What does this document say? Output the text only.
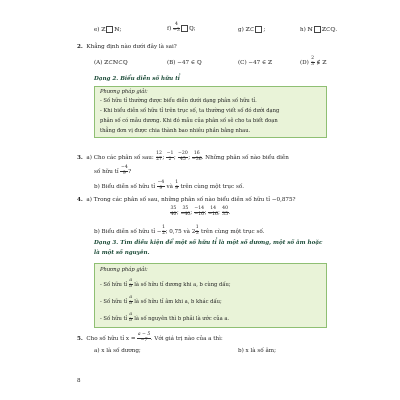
e) ℤ ℕ;	$f) \frac{4}{-3}$ ℚ;	g) ℤ⊂ ;	h) ℕ ℤ⊂ℚ.
2. Khẳng định nào dưới đây là sai?
(A) ℤ⊂ℕ⊂ℚ	(B) −47 ∈ ℚ	(C) −47 ∈ ℤ	$(D) \frac{2}{3}$ ∉ ℤ
Dạng 2. Biểu diễn số hữu tỉ
Phương pháp giải:
- Số hữu tỉ thường được biểu diễn dưới dạng phân số hữu tỉ.
- Khi biểu diễn số hữu tỉ trên trục số, ta thường viết số đó dưới dạng
phân số có mẫu dương. Khi đó mẫu của phân số sẽ cho ta biết đoạn
thẳng đơn vị được chia thành bao nhiêu phần bằng nhau.
3. a) Cho các phân số sau: $\frac{12}{27}$ ; $\frac{-1}{2}$ ; $\frac{-20}{45}$ ; $\frac{16}{-36}$ . Những phân số nào biểu diễn
số hữu tỉ $\frac{-4}{9}$ ?
b) Biểu diễn số hữu tỉ $\frac{-4}{9}$ và $\frac{1}{9}$ trên cùng một trục số.
4. a) Trong các phân số sau, những phân số nào biểu diễn số hữu tỉ −0,875?
$\frac{35}{40}$ ; $\frac{35}{-40}$ ; $\frac{-14}{-16}$ ; $\frac{14}{-16}$ ; $\frac{40}{35}$ .
b) Biểu diễn số hữu tỉ − $\frac{1}{2}$ ; 0,75 và $2 \frac{1}{3}$ trên cùng một trục số.
Dạng 3. Tìm điều kiện để một số hữu tỉ là một số dương, một số âm hoặc
là một số nguyên.
Phương pháp giải:
- Số hữu tỉ $\frac{a}{b}$ là số hữu tỉ dương khi a, b cùng dấu;
- Số hữu tỉ $\frac{a}{b}$ là số hữu tỉ âm khi a, b khác dấu;
- Số hữu tỉ $\frac{a}{b}$ là số nguyên thì b phải là ước của a.
5. Cho số hữu tỉ $x = \frac{a - 5}{-7}$ . Với giá trị nào của a thì:
a) x là số dương;	b) x là số âm;
8
